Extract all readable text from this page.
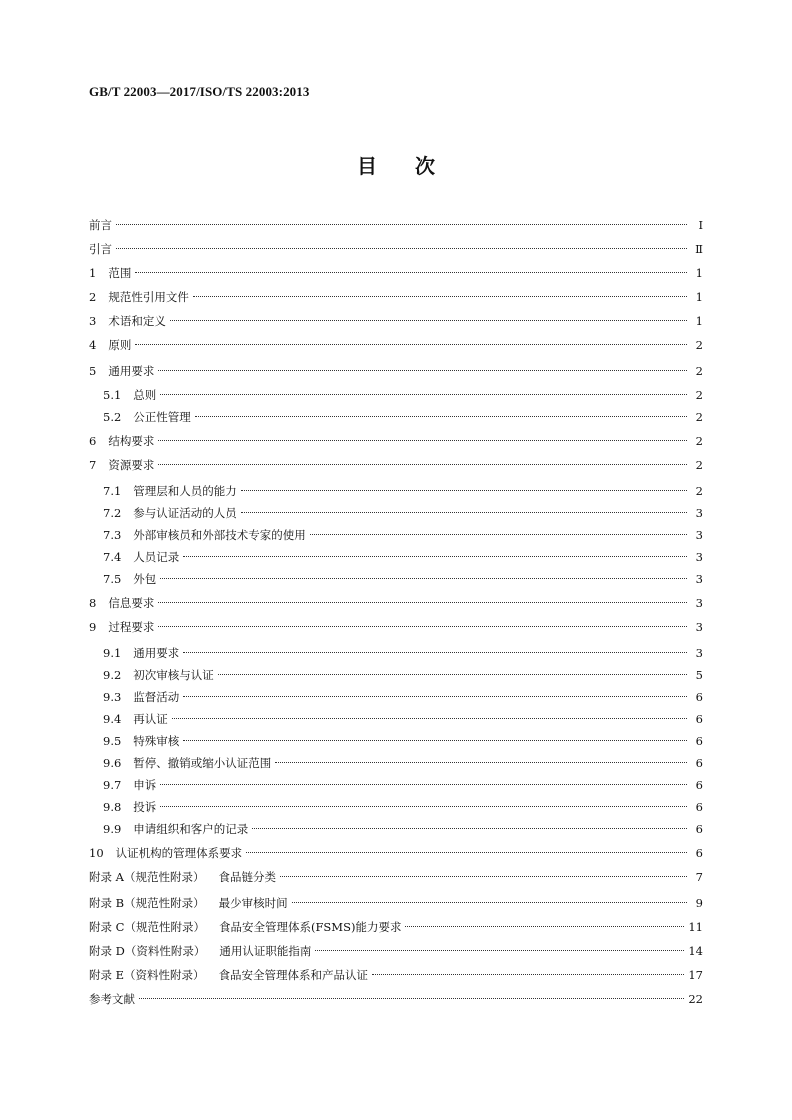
GB/T 22003—2017/ISO/TS 22003:2013
目次
前言	Ⅰ
引言	Ⅱ
1 范围	1
2 规范性引用文件	1
3 术语和定义	1
4 原则	2
5 通用要求	2
5.1 总则	2
5.2 公正性管理	2
6 结构要求	2
7 资源要求	2
7.1 管理层和人员的能力	2
7.2 参与认证活动的人员	3
7.3 外部审核员和外部技术专家的使用	3
7.4 人员记录	3
7.5 外包	3
8 信息要求	3
9 过程要求	3
9.1 通用要求	3
9.2 初次审核与认证	5
9.3 监督活动	6
9.4 再认证	6
9.5 特殊审核	6
9.6 暂停、撤销或缩小认证范围	6
9.7 申诉	6
9.8 投诉	6
9.9 申请组织和客户的记录	6
10 认证机构的管理体系要求	6
附录 A（规范性附录） 食品链分类	7
附录 B（规范性附录） 最少审核时间	9
附录 C（规范性附录） 食品安全管理体系(FSMS)能力要求	11
附录 D（资料性附录） 通用认证职能指南	14
附录 E（资料性附录） 食品安全管理体系和产品认证	17
参考文献	22
